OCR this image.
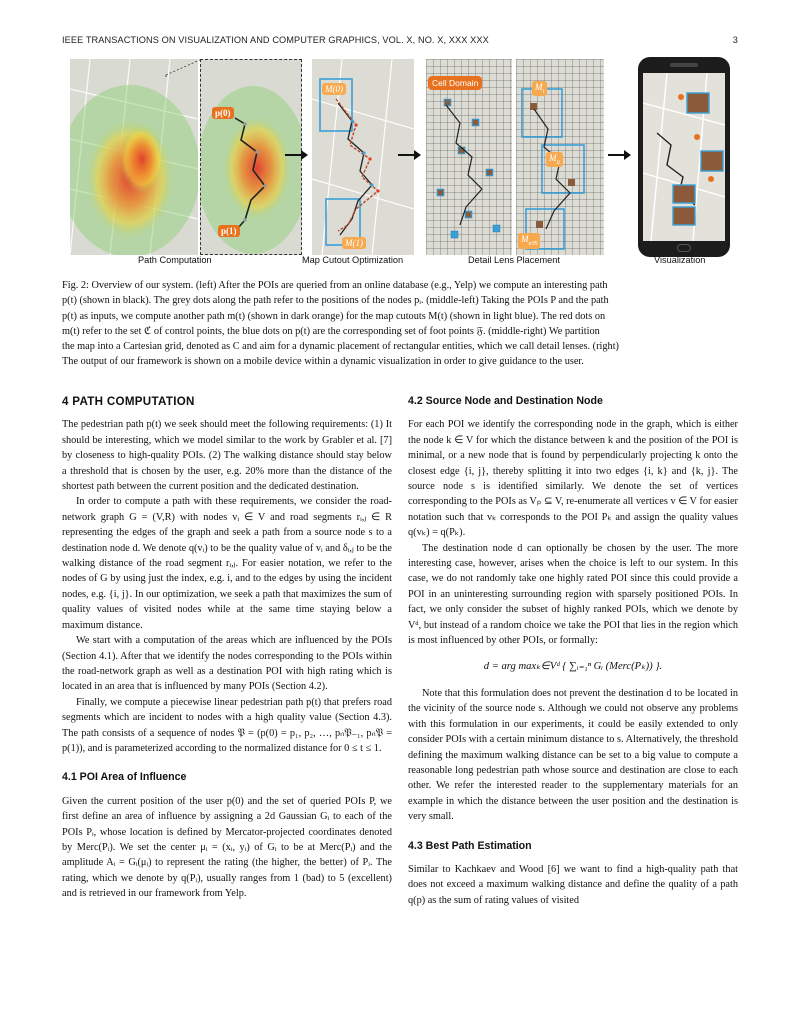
IEEE TRANSACTIONS ON VISUALIZATION AND COMPUTER GRAPHICS, VOL. X, NO. X, XXX XXX	3
p(0)
p(1)
M(0)
M(1)
Cell Domain	$M_i$
$M_{ii}$
$M_{n𝔐}$
Path Computation	Map Cutout Optimization	Detail Lens Placement	Visualization
Fig. 2: Overview of our system. (left) After the POIs are queried from an online database (e.g., Yelp) we compute an interesting path
p(t) (shown in black). The grey dots along the path refer to the positions of the nodes pᵢ. (middle-left) Taking the POIs P and the path
p(t) as inputs, we compute another path m(t) (shown in dark orange) for the map cutouts M(t) (shown in light blue). The red dots on
m(t) refer to the set ℭ of control points, the blue dots on p(t) are the corresponding set of foot points 𝔉. (middle-right) We partition
the map into a Cartesian grid, denoted as C and aim for a dynamic placement of rectangular entities, which we call detail lenses. (right)
The output of our framework is shown on a mobile device within a dynamic visualization in order to give guidance to the user.
4 PATH COMPUTATION

The pedestrian path p(t) we seek should meet the following requirements: (1) It should be interesting, which we model similar to the work by Grabler et al. [7] by closeness to high-quality POIs. (2) The walking distance should stay below a threshold that is chosen by the user, e.g. 20% more than the distance of the shortest path between the current position and the dedicated destination.

In order to compute a path with these requirements, we consider the road-network graph G = (V,R) with nodes vᵢ ∈ V and road segments rᵢ,ⱼ ∈ R representing the edges of the graph and seek a path from a source node s to a destination node d. We denote q(vᵢ) to be the quality value of vᵢ and δᵢ,ⱼ to be the walking distance of the road segment rᵢ,ⱼ. For easier notation, we refer to the nodes of G by using just the index, e.g. i, and to the edges by using the incident nodes, e.g. {i, j}. In our optimization, we seek a path that maximizes the sum of quality values of visited nodes while at the same time staying below a maximum distance.

We start with a computation of the areas which are influenced by the POIs (Section 4.1). After that we identify the nodes corresponding to the POIs within the road-network graph as well as a destination POI with high rating which is located in an area that is influenced by many POIs (Section 4.2).

Finally, we compute a piecewise linear pedestrian path p(t) that prefers road segments which are incident to nodes with a high quality value (Section 4.3). The path consists of a sequence of nodes 𝔓 = (p(0) = p₁, p₂, …, pₙ𝔓₋₁, pₙ𝔓 = p(1)), and is parameterized according to the normalized distance for 0 ≤ t ≤ 1.

4.1 POI Area of Influence

Given the current position of the user p(0) and the set of queried POIs P, we first define an area of influence by assigning a 2d Gaussian Gᵢ to each of the POIs Pᵢ, whose location is defined by Mercator-projected coordinates denoted by Merc(Pᵢ). We set the center μᵢ = (xᵢ, yᵢ) of Gᵢ to be at Merc(Pᵢ) and the amplitude Aᵢ = Gᵢ(μᵢ) to represent the rating (the higher, the better) of Pᵢ. The rating, which we denote by q(Pᵢ), usually ranges from 1 (bad) to 5 (excellent) and is retrieved in our framework from Yelp.

4.2 Source Node and Destination Node

For each POI we identify the corresponding node in the graph, which is either the node k ∈ V for which the distance between k and the position of the POI is minimal, or a new node that is found by perpendicularly projecting k onto the closest edge {i, j}, thereby splitting it into two edges {i, k} and {k, j}. The source node s is identified similarly. We denote the set of vertices corresponding to the POIs as Vₚ ⊆ V, re-enumerate all vertices v ∈ V for easier notation such that vₖ corresponds to the POI Pₖ and assign the quality values q(vₖ) = q(Pₖ).

The destination node d can optionally be chosen by the user. The more interesting case, however, arises when the choice is left to our system. In this case, we do not randomly take one highly rated POI since this could provide a POI in an uninteresting surrounding region with sparsely positioned POIs. In fact, we only consider the subset of highly ranked POIs, which we denote by Vᵈ, but instead of a random choice we take the POI that lies in the region which is most influenced by other POIs, or formally:

d = arg maxₖ∈Vᵈ { ∑ᵢ₌₁ⁿ Gᵢ (Merc(Pₖ)) }.

Note that this formulation does not prevent the destination d to be located in the vicinity of the source node s. Although we could not observe any problems with this formulation in our experiments, it could be easily extended to only consider POIs with a certain minimum distance to s. Alternatively, the threshold defining the maximum walking distance can be set to a big value to compute a reasonable long pedestrian path whose source and destination are close to each other. We refer the interested reader to the supplementary materials for an example in which the distance between the user position and the destination is very small.

4.3 Best Path Estimation

Similar to Kachkaev and Wood [6] we want to find a high-quality path that does not exceed a maximum walking distance and define the quality of a path q(p) as the sum of rating values of visited
